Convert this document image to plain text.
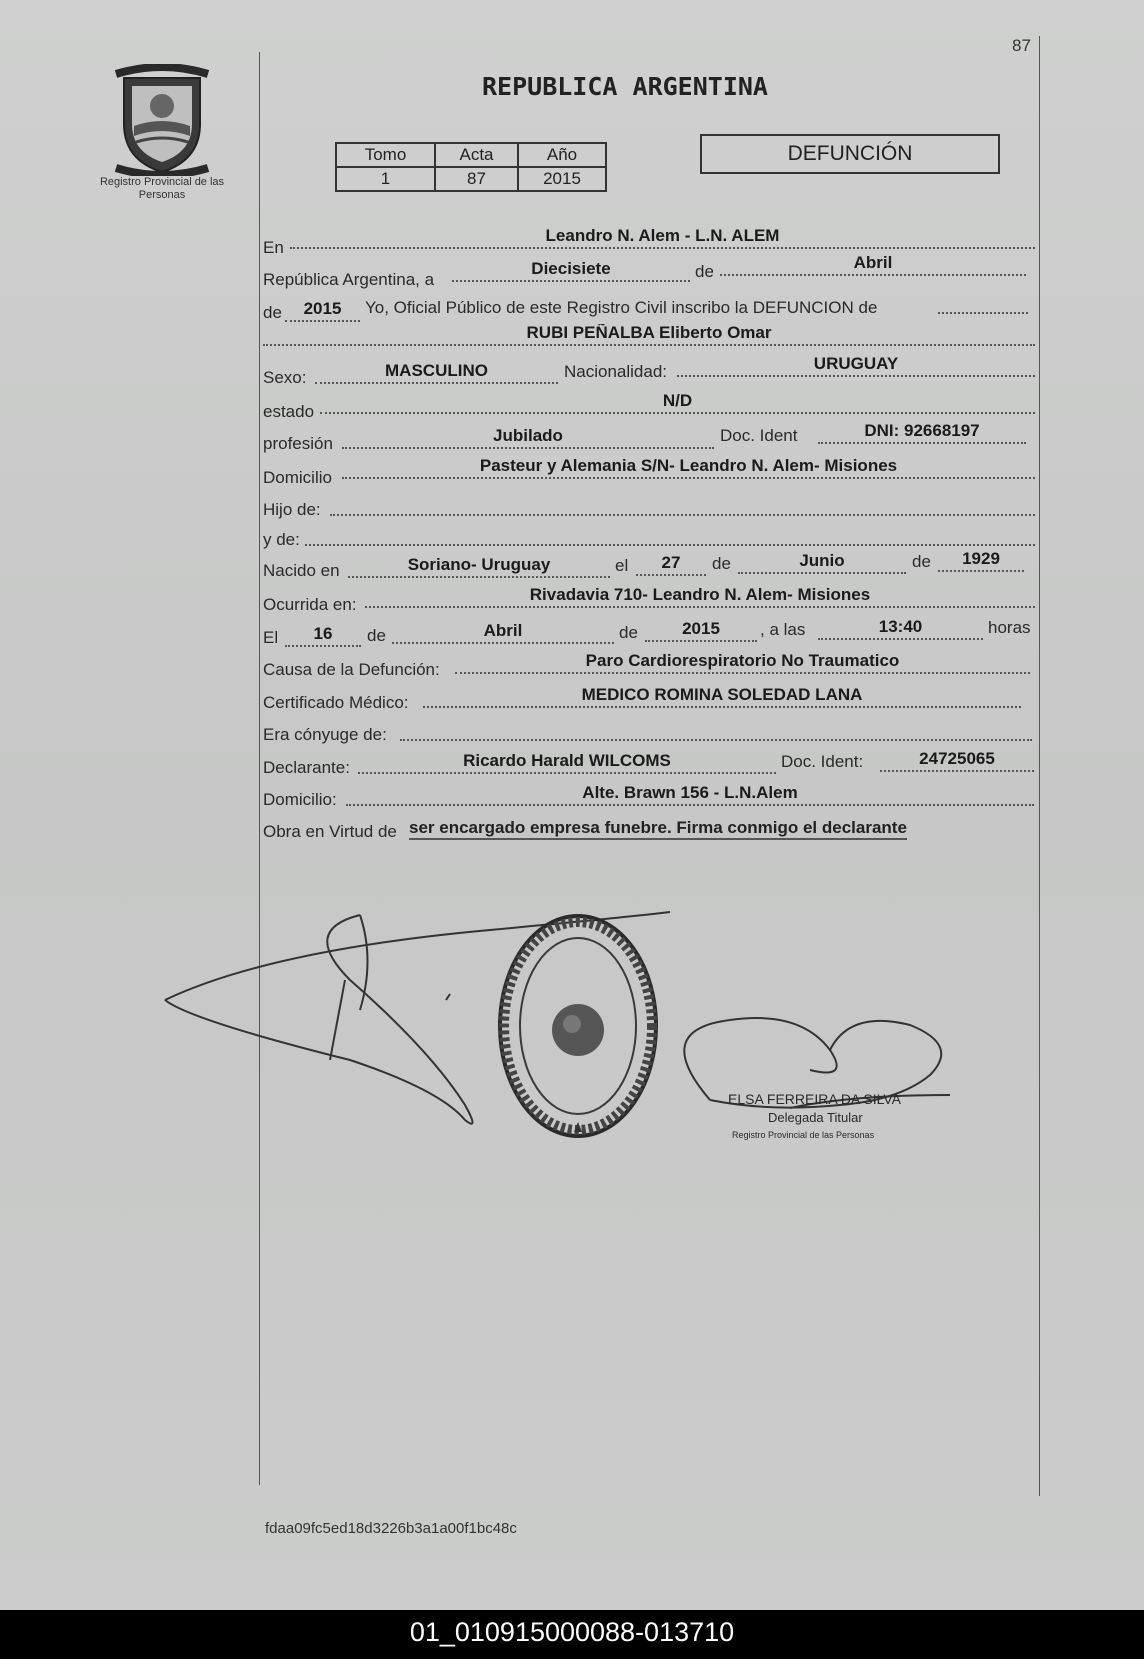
87
Registro Provincial de las Personas
REPUBLICA ARGENTINA
Tomo	Acta	Año
1	87	2015
DEFUNCIÓN
En
Leandro N. Alem - L.N. ALEM
República Argentina, a
Diecisiete	de	Abril
de	2015	Yo, Oficial Público de este Registro Civil inscribo la DEFUNCION de
RUBI PEÑALBA Eliberto Omar
Sexo:	MASCULINO	Nacionalidad:	URUGUAY
estado
N/D
profesión	Jubilado	Doc. Ident	DNI: 92668197
Domicilio
Pasteur y Alemania S/N- Leandro N. Alem- Misiones
Hijo de:
y de:
Nacido en	Soriano- Uruguay	el	27	de	Junio	de	1929
Ocurrida en:
Rivadavia 710- Leandro N. Alem- Misiones
El	16	de	Abril	de	2015	, a las	13:40	horas
Causa de la Defunción:	Paro Cardiorespiratorio No Traumatico
Certificado Médico:	MEDICO ROMINA SOLEDAD LANA
Era cónyuge de:
Declarante:	Ricardo Harald WILCOMS	Doc. Ident:	24725065
Domicilio:	Alte. Brawn 156 - L.N.Alem
Obra en Virtud de ser encargado empresa funebre. Firma conmigo el declarante
ELSA FERREIRA DA SILVA
Delegada Titular
Registro Provincial de las Personas
fdaa09fc5ed18d3226b3a1a00f1bc48c
01_010915000088-013710
